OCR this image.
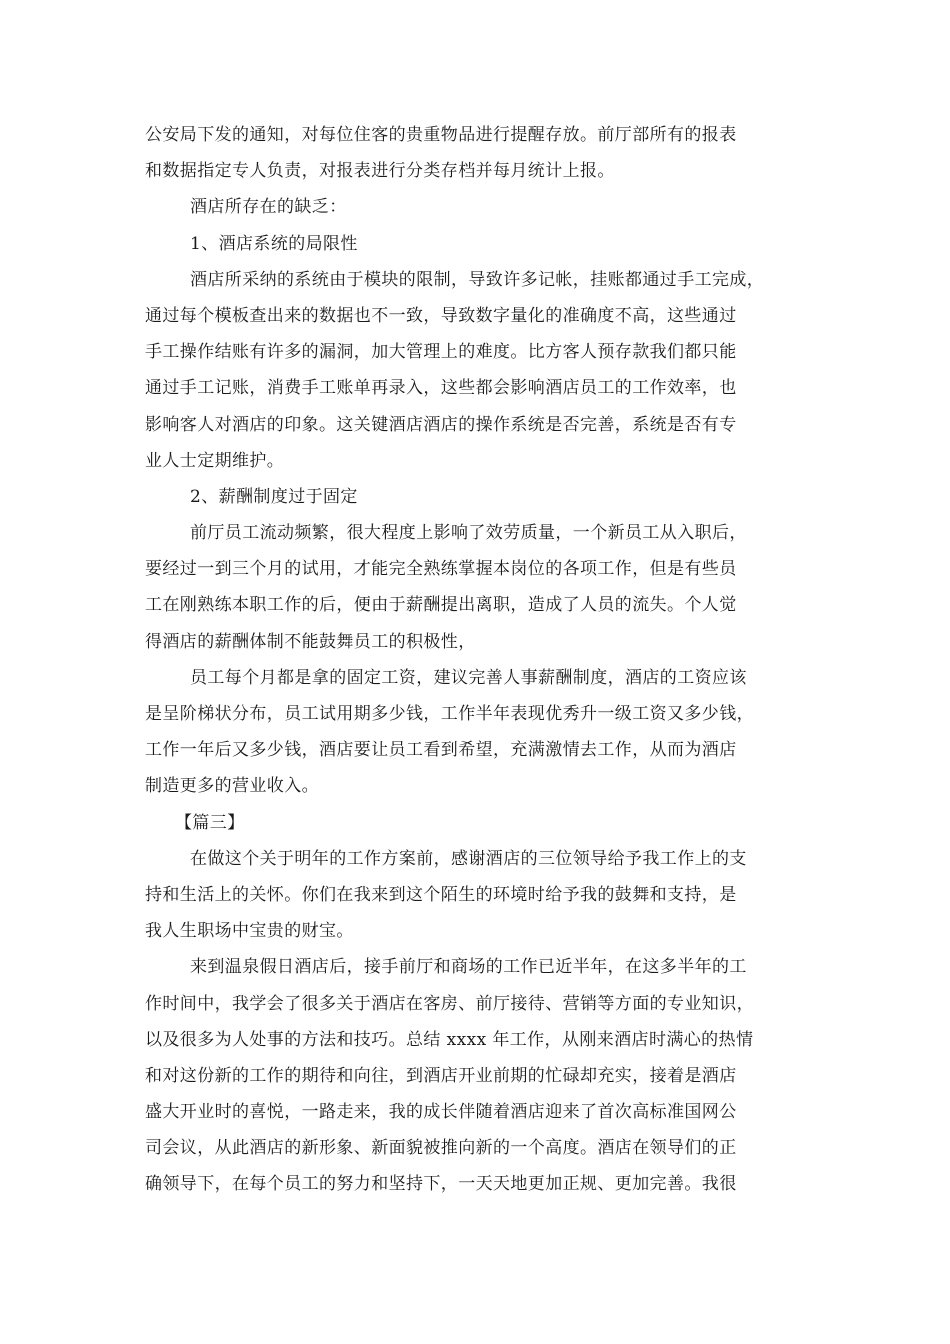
公安局下发的通知，对每位住客的贵重物品进行提醒存放。前厅部所有的报表
和数据指定专人负责，对报表进行分类存档并每月统计上报。
酒店所存在的缺乏：
1、酒店系统的局限性
酒店所采纳的系统由于模块的限制，导致许多记帐，挂账都通过手工完成，
通过每个模板查出来的数据也不一致，导致数字量化的准确度不高，这些通过
手工操作结账有许多的漏洞，加大管理上的难度。比方客人预存款我们都只能
通过手工记账，消费手工账单再录入，这些都会影响酒店员工的工作效率，也
影响客人对酒店的印象。这关键酒店酒店的操作系统是否完善，系统是否有专
业人士定期维护。
2、薪酬制度过于固定
前厅员工流动频繁，很大程度上影响了效劳质量，一个新员工从入职后，
要经过一到三个月的试用，才能完全熟练掌握本岗位的各项工作，但是有些员
工在刚熟练本职工作的后，便由于薪酬提出离职，造成了人员的流失。个人觉
得酒店的薪酬体制不能鼓舞员工的积极性，
员工每个月都是拿的固定工资，建议完善人事薪酬制度，酒店的工资应该
是呈阶梯状分布，员工试用期多少钱，工作半年表现优秀升一级工资又多少钱，
工作一年后又多少钱，酒店要让员工看到希望，充满激情去工作，从而为酒店
制造更多的营业收入。
【篇三】
在做这个关于明年的工作方案前，感谢酒店的三位领导给予我工作上的支
持和生活上的关怀。你们在我来到这个陌生的环境时给予我的鼓舞和支持，是
我人生职场中宝贵的财宝。
来到温泉假日酒店后，接手前厅和商场的工作已近半年，在这多半年的工
作时间中，我学会了很多关于酒店在客房、前厅接待、营销等方面的专业知识，
以及很多为人处事的方法和技巧。总结 xxxx 年工作，从刚来酒店时满心的热情
和对这份新的工作的期待和向往，到酒店开业前期的忙碌却充实，接着是酒店
盛大开业时的喜悦，一路走来，我的成长伴随着酒店迎来了首次高标准国网公
司会议，从此酒店的新形象、新面貌被推向新的一个高度。酒店在领导们的正
确领导下，在每个员工的努力和坚持下，一天天地更加正规、更加完善。我很
